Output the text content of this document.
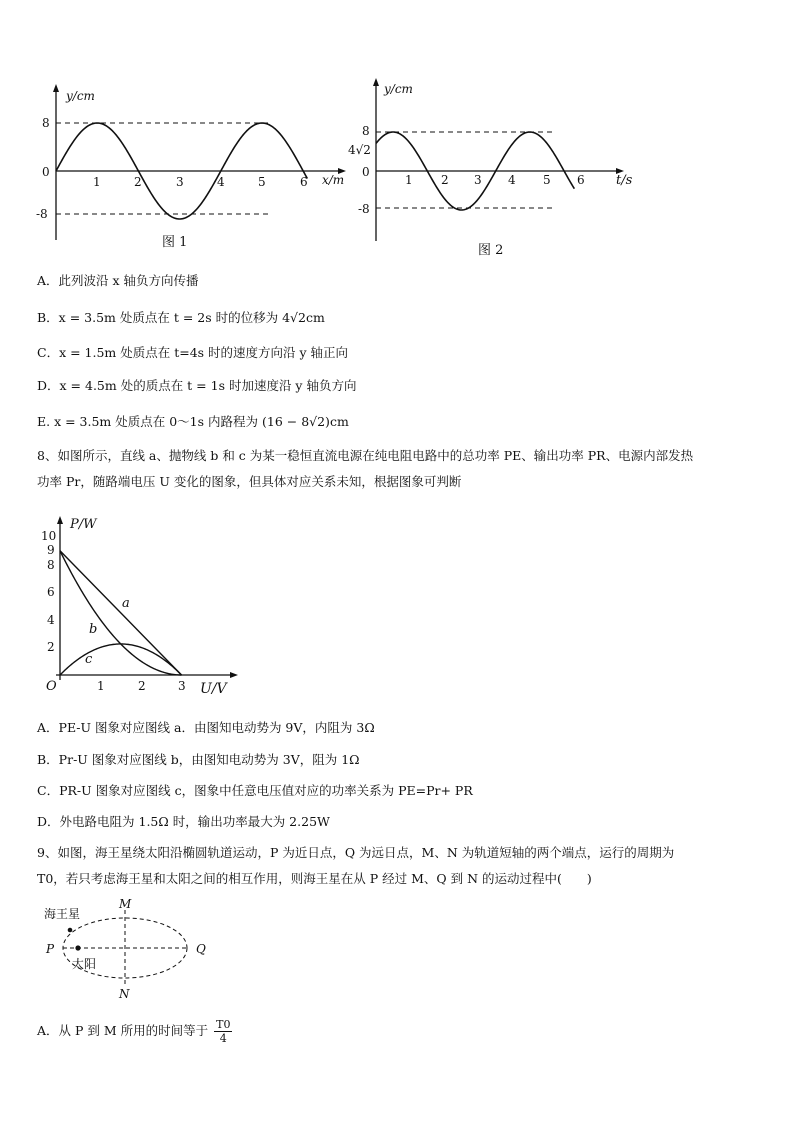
y/cm
8
0
-8
1	2	3	4	5	6 x/m
图 1
y/cm
8
4√2
0
-8
1 2 3 4 5 6 t/s
图 2
A．此列波沿 x 轴负方向传播
B．x = 3.5m 处质点在 t = 2s 时的位移为 4√2cm
C．x = 1.5m 处质点在 t=4s 时的速度方向沿 y 轴正向
D．x = 4.5m 处的质点在 t = 1s 时加速度沿 y 轴负方向
E. x = 3.5m 处质点在 0～1s 内路程为 (16 − 8√2)cm
8、如图所示，直线 a、抛物线 b 和 c 为某一稳恒直流电源在纯电阻电路中的总功率 PE、输出功率 PR、电源内部发热
功率 Pr，随路端电压 U 变化的图象，但具体对应关系未知，根据图象可判断
P/W
10
9
8
6
4
2
O	1	2	3 U/V
a
b
c
A．PE-U 图象对应图线 a．由图知电动势为 9V，内阻为 3Ω
B．Pr-U 图象对应图线 b，由图知电动势为 3V，阻为 1Ω
C．PR-U 图象对应图线 c，图象中任意电压值对应的功率关系为 PE=Pr+ PR
D．外电路电阻为 1.5Ω 时，输出功率最大为 2.25W
9、如图，海王星绕太阳沿椭圆轨道运动，P 为近日点，Q 为远日点，M、N 为轨道短轴的两个端点，运行的周期为
T0，若只考虑海王星和太阳之间的相互作用，则海王星在从 P 经过 M、Q 到 N 的运动过程中(　　)
海王星
太阳
P	Q
M
N
A．从 P 到 M 所用的时间等于 $\frac{T0}{4}$
